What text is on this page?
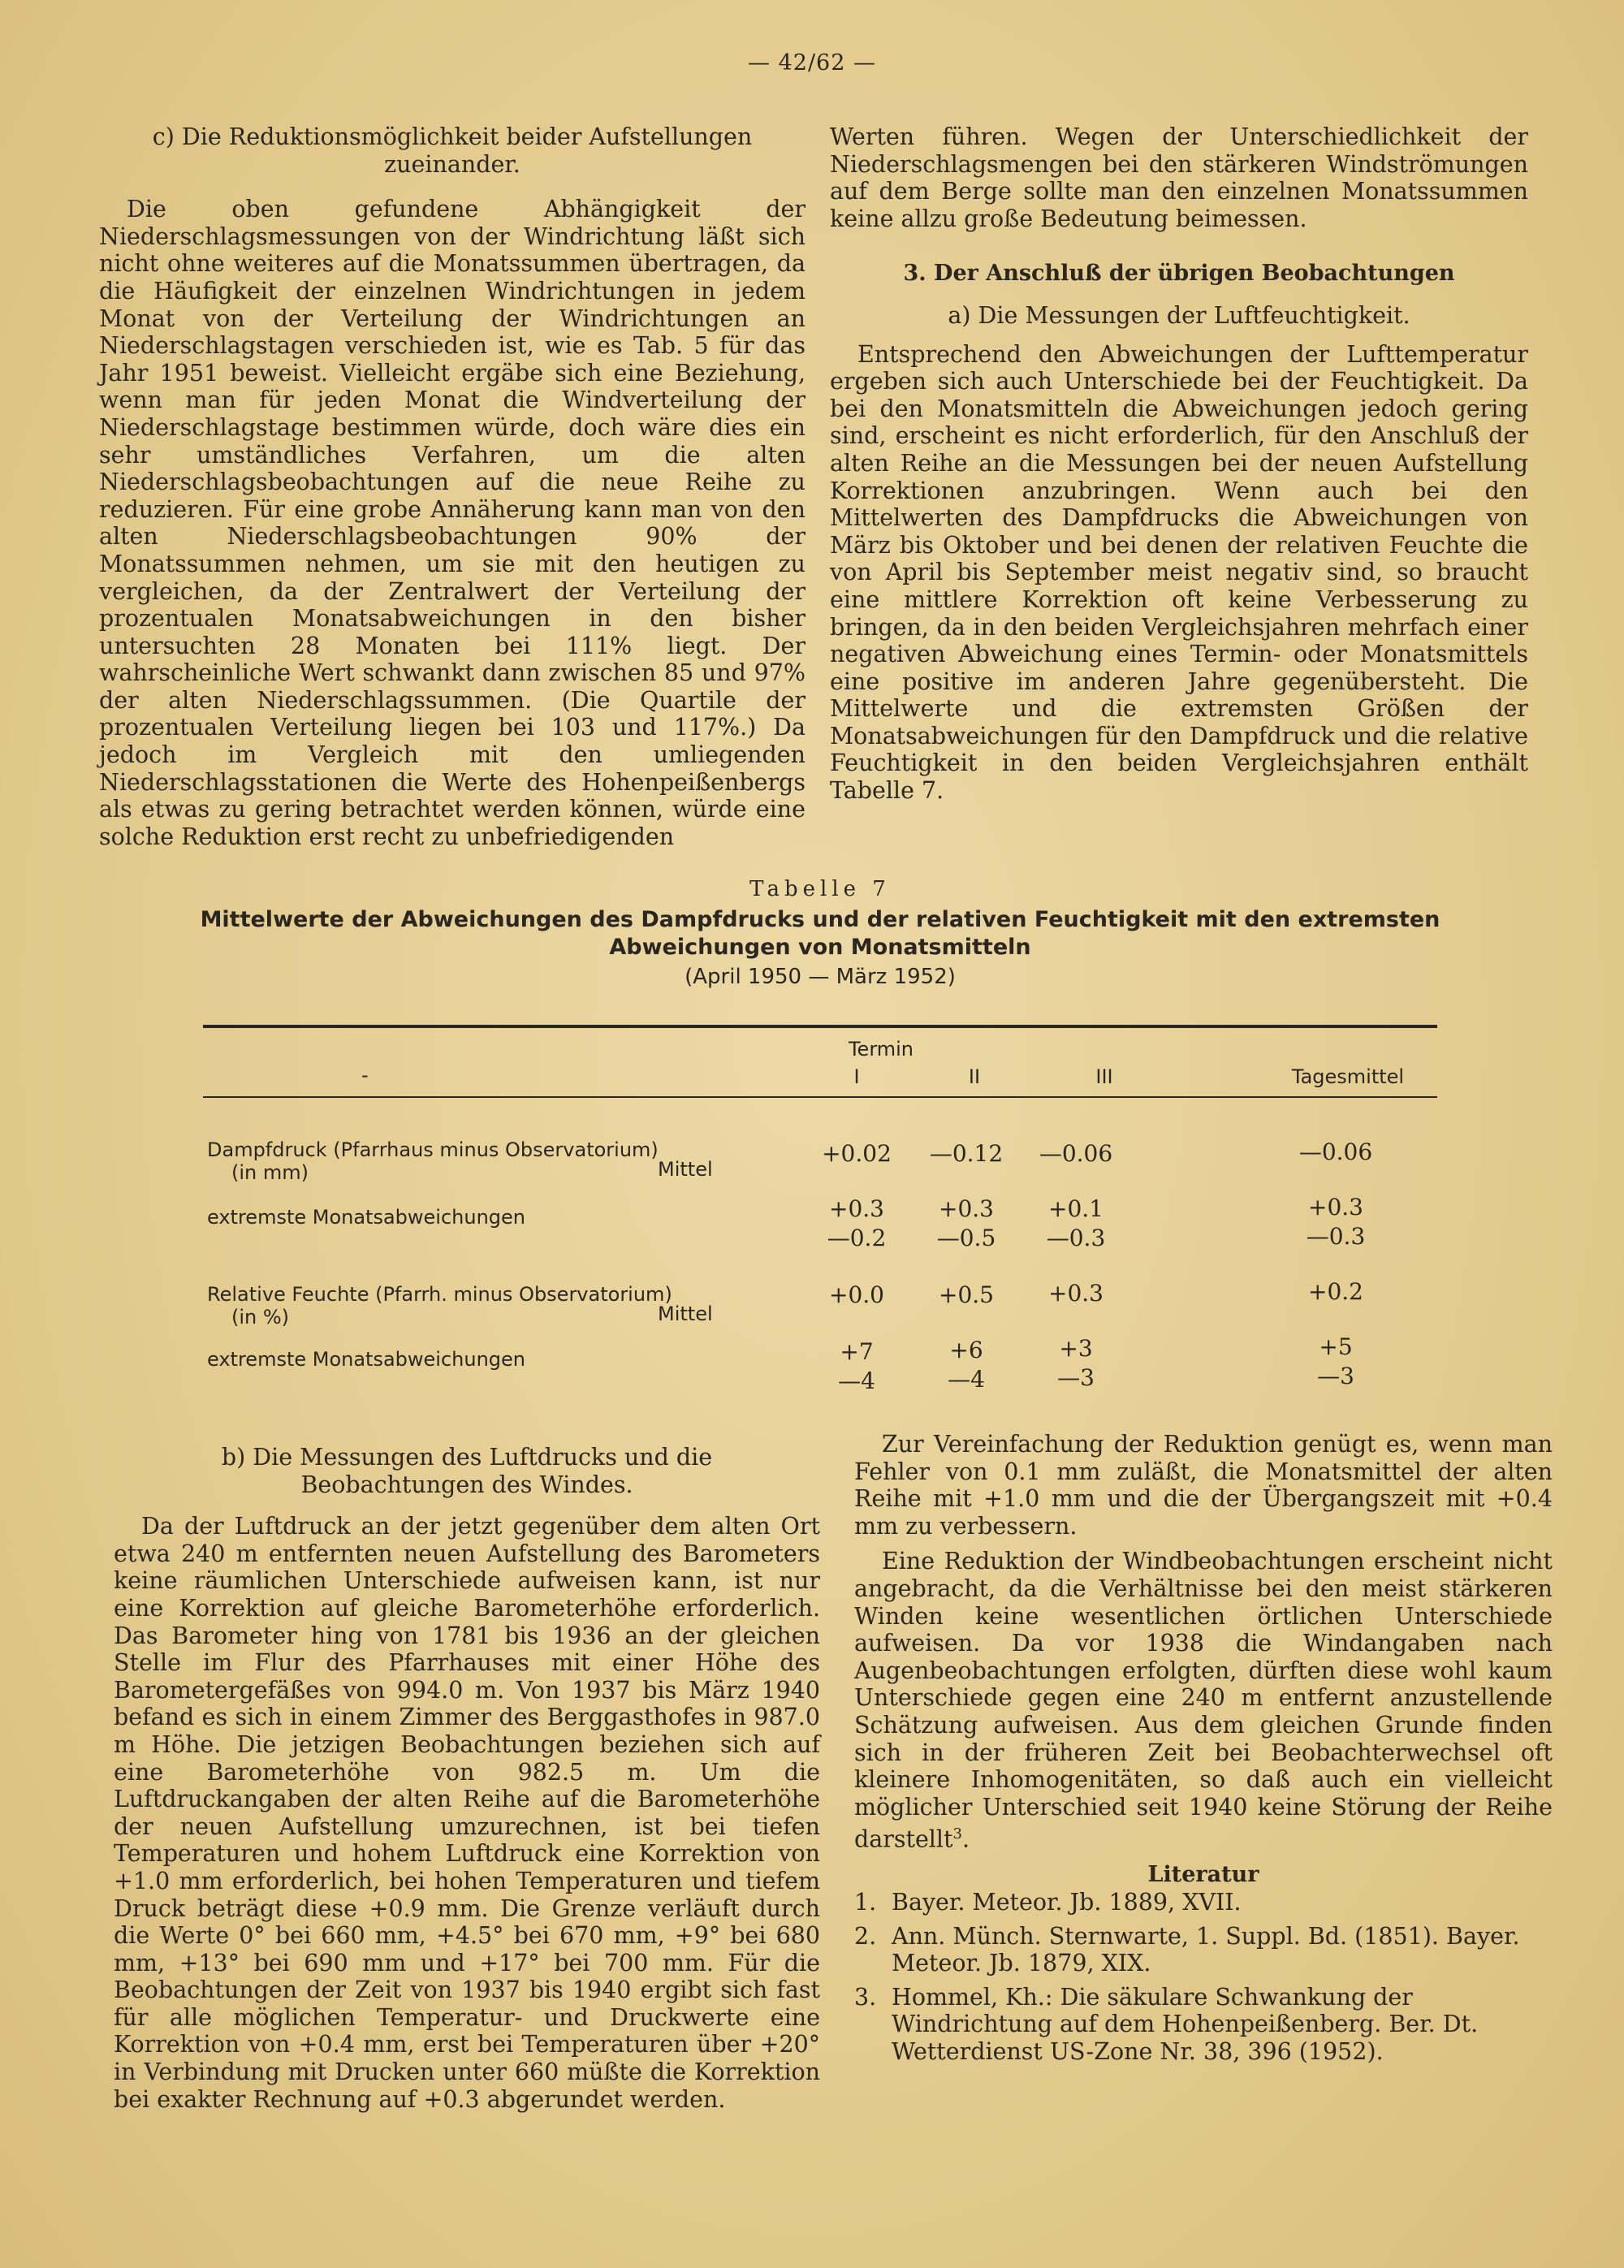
— 42/62 —

c) Die Reduktionsmöglichkeit beider Aufstellungen zueinander.

Die oben gefundene Abhängigkeit der Niederschlagsmessungen von der Windrichtung läßt sich nicht ohne weiteres auf die Monatssummen übertragen, da die Häufigkeit der einzelnen Windrichtungen in jedem Monat von der Verteilung der Windrichtungen an Niederschlagstagen verschieden ist, wie es Tab. 5 für das Jahr 1951 beweist. Vielleicht ergäbe sich eine Beziehung, wenn man für jeden Monat die Windverteilung der Niederschlagstage bestimmen würde, doch wäre dies ein sehr umständliches Verfahren, um die alten Niederschlagsbeobachtungen auf die neue Reihe zu reduzieren. Für eine grobe Annäherung kann man von den alten Niederschlagsbeobachtungen 90% der Monatssummen nehmen, um sie mit den heutigen zu vergleichen, da der Zentralwert der Verteilung der prozentualen Monatsabweichungen in den bisher untersuchten 28 Monaten bei 111% liegt. Der wahrscheinliche Wert schwankt dann zwischen 85 und 97% der alten Niederschlagssummen. (Die Quartile der prozentualen Verteilung liegen bei 103 und 117%.) Da jedoch im Vergleich mit den umliegenden Niederschlagsstationen die Werte des Hohenpeißenbergs als etwas zu gering betrachtet werden können, würde eine solche Reduktion erst recht zu unbefriedigenden

Werten führen. Wegen der Unterschiedlichkeit der Niederschlagsmengen bei den stärkeren Windströmungen auf dem Berge sollte man den einzelnen Monatssummen keine allzu große Bedeutung beimessen.

3. Der Anschluß der übrigen Beobachtungen

a) Die Messungen der Luftfeuchtigkeit.

Entsprechend den Abweichungen der Lufttemperatur ergeben sich auch Unterschiede bei der Feuchtigkeit. Da bei den Monatsmitteln die Abweichungen jedoch gering sind, erscheint es nicht erforderlich, für den Anschluß der alten Reihe an die Messungen bei der neuen Aufstellung Korrektionen anzubringen. Wenn auch bei den Mittelwerten des Dampfdrucks die Abweichungen von März bis Oktober und bei denen der relativen Feuchte die von April bis September meist negativ sind, so braucht eine mittlere Korrektion oft keine Verbesserung zu bringen, da in den beiden Vergleichsjahren mehrfach einer negativen Abweichung eines Termin- oder Monatsmittels eine positive im anderen Jahre gegenübersteht. Die Mittelwerte und die extremsten Größen der Monatsabweichungen für den Dampfdruck und die relative Feuchtigkeit in den beiden Vergleichsjahren enthält Tabelle 7.

Tabelle 7

Mittelwerte der Abweichungen des Dampfdrucks und der relativen Feuchtigkeit mit den extremsten

Abweichungen von Monatsmitteln

(April 1950 — März 1952)

Termin
-	I	II	III	Tagesmittel
Dampfdruck (Pfarrhaus minus Observatorium)
(in mm)	Mittel
+0.02	—0.12	—0.06	—0.06
extremste Monatsabweichungen	+0.3	+0.3	+0.1	+0.3
—0.2	—0.5	—0.3	—0.3
Relative Feuchte (Pfarrh. minus Observatorium)
(in %)	Mittel
+0.0	+0.5	+0.3	+0.2
extremste Monatsabweichungen	+7	+6	+3	+5
—4	—4	—3	—3

b) Die Messungen des Luftdrucks und die Beobachtungen des Windes.

Da der Luftdruck an der jetzt gegenüber dem alten Ort etwa 240 m entfernten neuen Aufstellung des Barometers keine räumlichen Unterschiede aufweisen kann, ist nur eine Korrektion auf gleiche Barometerhöhe erforderlich. Das Barometer hing von 1781 bis 1936 an der gleichen Stelle im Flur des Pfarrhauses mit einer Höhe des Barometergefäßes von 994.0 m. Von 1937 bis März 1940 befand es sich in einem Zimmer des Berggasthofes in 987.0 m Höhe. Die jetzigen Beobachtungen beziehen sich auf eine Barometerhöhe von 982.5 m. Um die Luftdruckangaben der alten Reihe auf die Barometerhöhe der neuen Aufstellung umzurechnen, ist bei tiefen Temperaturen und hohem Luftdruck eine Korrektion von +1.0 mm erforderlich, bei hohen Temperaturen und tiefem Druck beträgt diese +0.9 mm. Die Grenze verläuft durch die Werte 0° bei 660 mm, +4.5° bei 670 mm, +9° bei 680 mm, +13° bei 690 mm und +17° bei 700 mm. Für die Beobachtungen der Zeit von 1937 bis 1940 ergibt sich fast für alle möglichen Temperatur- und Druckwerte eine Korrektion von +0.4 mm, erst bei Temperaturen über +20° in Verbindung mit Drucken unter 660 müßte die Korrektion bei exakter Rechnung auf +0.3 abgerundet werden.

Zur Vereinfachung der Reduktion genügt es, wenn man Fehler von 0.1 mm zuläßt, die Monatsmittel der alten Reihe mit +1.0 mm und die der Übergangszeit mit +0.4 mm zu verbessern.

Eine Reduktion der Windbeobachtungen erscheint nicht angebracht, da die Verhältnisse bei den meist stärkeren Winden keine wesentlichen örtlichen Unterschiede aufweisen. Da vor 1938 die Windangaben nach Augenbeobachtungen erfolgten, dürften diese wohl kaum Unterschiede gegen eine 240 m entfernt anzustellende Schätzung aufweisen. Aus dem gleichen Grunde finden sich in der früheren Zeit bei Beobachterwechsel oft kleinere Inhomogenitäten, so daß auch ein vielleicht möglicher Unterschied seit 1940 keine Störung der Reihe darstellt$^3$.

Literatur

1. Bayer. Meteor. Jb. 1889, XVII.
2. Ann. Münch. Sternwarte, 1. Suppl. Bd. (1851). Bayer. Meteor. Jb. 1879, XIX.
3. Hommel, Kh.: Die säkulare Schwankung der Windrichtung auf dem Hohenpeißenberg. Ber. Dt. Wetterdienst US-Zone Nr. 38, 396 (1952).
